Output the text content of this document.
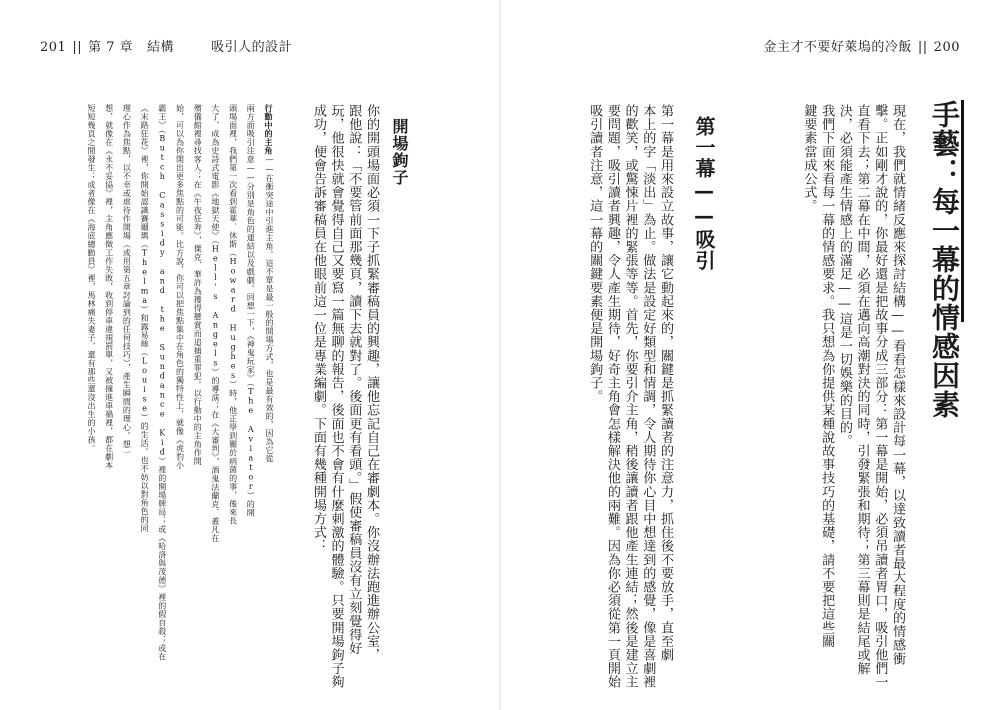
201 || 第 7 章 結構	吸引人的設計	金主才不要好萊塢的冷飯 || 200
手藝：每一幕的情感因素
現在，我們就情緒反應來探討結構——看看怎樣來設計每一幕，以達致讀者最大程度的情感衝
擊。正如剛才說的，你最好還是把故事分成三部分：第一幕是開始，必須吊讀者胃口，吸引他們一
直看下去；第二幕在中間，必須在邁向高潮對決的同時，引發緊張和期待；第三幕則是結尾或解
決，必須能產生情感上的滿足——這是一切娛樂的目的。
我們下面來看每一幕的情感要求。我只想為你提供某種說故事技巧的基礎，請不要把這些關
鍵要素當成公式。
第一幕——吸引
第一幕是用來設立故事，讓它動起來的，關鍵是抓緊讀者的注意力，抓住後不要放手，直至劇
本上的字「淡出」為止。做法是設定好類型和情調，令人期待你心目中想達到的感覺，像是喜劇裡
的歡笑，或驚悚片裡的緊張等等。首先，你要引介主角，稍後讓讀者跟他產生連結；然後是建立主
要問題，吸引讀者興趣，令人產生期待，好奇主角會怎樣解決他的兩難。因為你必須從第一頁開始
吸引讀者注意，這一幕的關鍵要素便是開場鉤子。
開場鉤子
你的開頭場面必須一下子抓緊審稿員的興趣，讓他忘記自己在審劇本。你沒辦法跑進辦公室，
跟他說：「不要管前面那幾頁，讀下去就對了。後面更有看頭。」假使審稿員沒有立刻覺得好
玩，他很快就會覺得自己又要寫一篇無聊的報告，後面也不會有什麼刺激的體驗。只要開場鉤子夠
成功，便會告訴審稿員在他眼前這一位是專業編劇。下面有幾種開場方式：
行動中的主角——在衝突途中引進主角。這不單是最一般的開場方式，也是最有效的，因為它從
兩方面吸引注意——分別是角色的連結以及戲劇。回想一下，《神鬼玩家》（The Aviator）的開
頭場面裡，我們第一次看到霍華．休斯（Howard Hughes）時，他正學到關於病菌的事，後來長
大了，成為史詩式電影《地獄天使》（Hell's Angels）的導演；在《大審判》，酒鬼法蘭克．蓋凡在
殯儀館裡尋找客人；在《午夜狂奔》，傑克．華許為獲得懸賞而追捕重罪犯。以行動中的主角作開
始，可以為你開出更多焦點的可能。比方說，你可以把焦點集中在角色的獨特性上，就像《虎豹小
霸王》（Butch Cassidy and the Sundance Kid）裡的開場牌局；或《哈洛與茂德》裡的假自殺；或在
《末路狂花》裡，你開始認識賽爾瑪（Thelma）和露易絲（Louise）的生活。也不妨以對角色的同
理心作為焦點，以不幸或虐待作開場（或用第五章討論到的任何技巧），產生瞬間的理心。想一
想，就像在《永不妥協》裡，主角應徵工作失敗，收到停車違規罰單，又被撞進車禍裡，都在劇本
短短幾頁之間發生；或者像在《海底總動員》裡，馬林痛失妻子，還有那些還沒出生的小孩。
